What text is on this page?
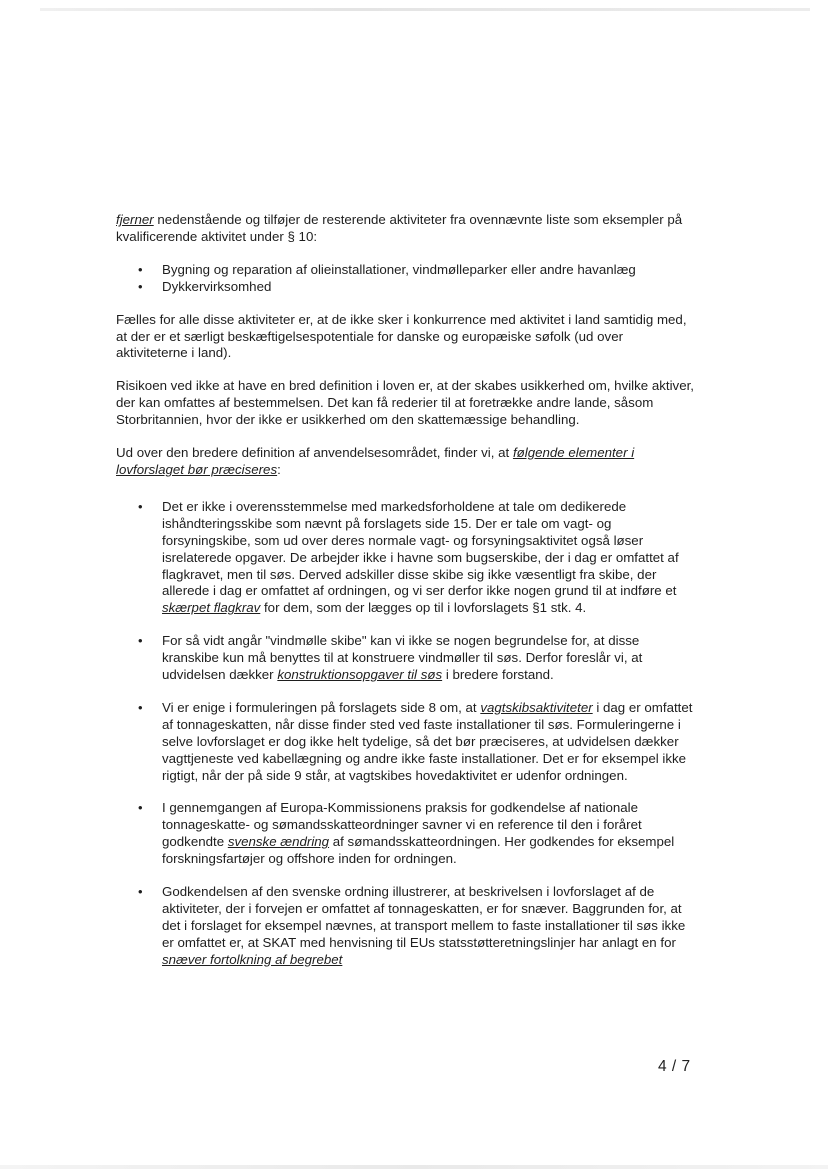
fjerner nedenstående og tilføjer de resterende aktiviteter fra ovennævnte liste som eksempler på kvalificerende aktivitet under § 10:

• Bygning og reparation af olieinstallationer, vindmølleparker eller andre havanlæg
• Dykkervirksomhed

Fælles for alle disse aktiviteter er, at de ikke sker i konkurrence med aktivitet i land samtidig med, at der er et særligt beskæftigelsespotentiale for danske og europæiske søfolk (ud over aktiviteterne i land).

Risikoen ved ikke at have en bred definition i loven er, at der skabes usikkerhed om, hvilke aktiver, der kan omfattes af bestemmelsen. Det kan få rederier til at foretrække andre lande, såsom Storbritannien, hvor der ikke er usikkerhed om den skattemæssige behandling.

Ud over den bredere definition af anvendelsesområdet, finder vi, at følgende elementer i lovforslaget bør præciseres:

• Det er ikke i overensstemmelse med markedsforholdene at tale om dedikerede ishåndteringsskibe som nævnt på forslagets side 15. Der er tale om vagt- og forsyningskibe, som ud over deres normale vagt- og forsyningsaktivitet også løser isrelaterede opgaver. De arbejder ikke i havne som bugserskibe, der i dag er omfattet af flagkravet, men til søs. Derved adskiller disse skibe sig ikke væsentligt fra skibe, der allerede i dag er omfattet af ordningen, og vi ser derfor ikke nogen grund til at indføre et skærpet flagkrav for dem, som der lægges op til i lovforslagets §1 stk. 4.
• For så vidt angår "vindmølle skibe" kan vi ikke se nogen begrundelse for, at disse kranskibe kun må benyttes til at konstruere vindmøller til søs. Derfor foreslår vi, at udvidelsen dækker konstruktionsopgaver til søs i bredere forstand.
• Vi er enige i formuleringen på forslagets side 8 om, at vagtskibsaktiviteter i dag er omfattet af tonnageskatten, når disse finder sted ved faste installationer til søs. Formuleringerne i selve lovforslaget er dog ikke helt tydelige, så det bør præciseres, at udvidelsen dækker vagttjeneste ved kabellægning og andre ikke faste installationer. Det er for eksempel ikke rigtigt, når der på side 9 står, at vagtskibes hovedaktivitet er udenfor ordningen.
• I gennemgangen af Europa-Kommissionens praksis for godkendelse af nationale tonnageskatte- og sømandsskatteordninger savner vi en reference til den i foråret godkendte svenske ændring af sømandsskatteordningen. Her godkendes for eksempel forskningsfartøjer og offshore inden for ordningen.
• Godkendelsen af den svenske ordning illustrerer, at beskrivelsen i lovforslaget af de aktiviteter, der i forvejen er omfattet af tonnageskatten, er for snæver. Baggrunden for, at det i forslaget for eksempel nævnes, at transport mellem to faste installationer til søs ikke er omfattet er, at SKAT med henvisning til EUs statsstøtteretningslinjer har anlagt en for snæver fortolkning af begrebet
4 / 7
